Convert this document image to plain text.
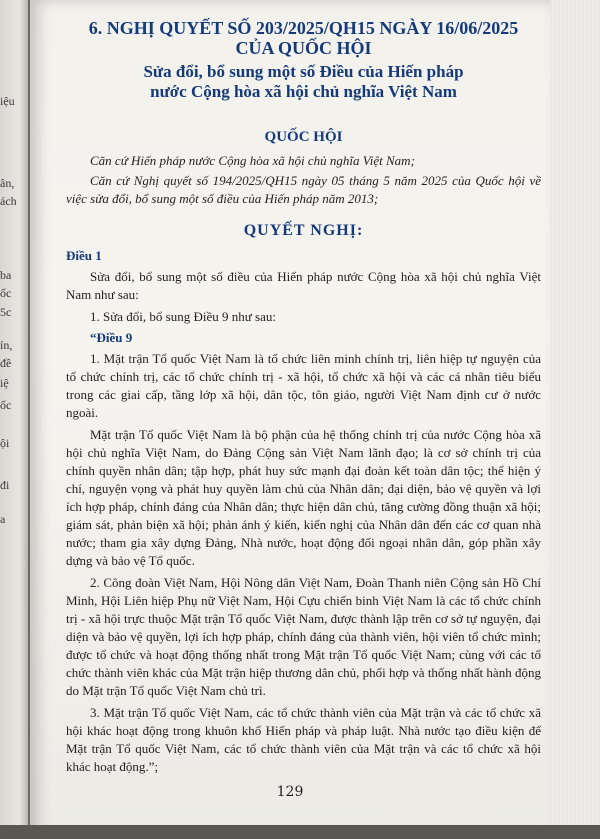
iệu
ân,
ách
ba
ốc
5c
ín,
đề
iệ
ốc
ội
đi
a

6. NGHỊ QUYẾT SỐ 203/2025/QH15 NGÀY 16/06/2025

CỦA QUỐC HỘI

Sửa đổi, bổ sung một số Điều của Hiến pháp

nước Cộng hòa xã hội chủ nghĩa Việt Nam

QUỐC HỘI

Căn cứ Hiến pháp nước Cộng hòa xã hội chủ nghĩa Việt Nam;

Căn cứ Nghị quyết số 194/2025/QH15 ngày 05 tháng 5 năm 2025 của Quốc hội về việc sửa đổi, bổ sung một số điều của Hiến pháp năm 2013;

QUYẾT NGHỊ:

Điều 1

Sửa đổi, bổ sung một số điều của Hiến pháp nước Cộng hòa xã hội chủ nghĩa Việt Nam như sau:

1. Sửa đổi, bổ sung Điều 9 như sau:

“Điều 9

1. Mặt trận Tổ quốc Việt Nam là tổ chức liên minh chính trị, liên hiệp tự nguyện của tổ chức chính trị, các tổ chức chính trị - xã hội, tổ chức xã hội và các cá nhân tiêu biểu trong các giai cấp, tầng lớp xã hội, dân tộc, tôn giáo, người Việt Nam định cư ở nước ngoài.

Mặt trận Tổ quốc Việt Nam là bộ phận của hệ thống chính trị của nước Cộng hòa xã hội chủ nghĩa Việt Nam, do Đảng Cộng sản Việt Nam lãnh đạo; là cơ sở chính trị của chính quyền nhân dân; tập hợp, phát huy sức mạnh đại đoàn kết toàn dân tộc; thể hiện ý chí, nguyện vọng và phát huy quyền làm chủ của Nhân dân; đại diện, bảo vệ quyền và lợi ích hợp pháp, chính đáng của Nhân dân; thực hiện dân chủ, tăng cường đồng thuận xã hội; giám sát, phản biện xã hội; phản ánh ý kiến, kiến nghị của Nhân dân đến các cơ quan nhà nước; tham gia xây dựng Đảng, Nhà nước, hoạt động đối ngoại nhân dân, góp phần xây dựng và bảo vệ Tổ quốc.

2. Công đoàn Việt Nam, Hội Nông dân Việt Nam, Đoàn Thanh niên Cộng sản Hồ Chí Minh, Hội Liên hiệp Phụ nữ Việt Nam, Hội Cựu chiến binh Việt Nam là các tổ chức chính trị - xã hội trực thuộc Mặt trận Tổ quốc Việt Nam, được thành lập trên cơ sở tự nguyện, đại diện và bảo vệ quyền, lợi ích hợp pháp, chính đáng của thành viên, hội viên tổ chức mình; được tổ chức và hoạt động thống nhất trong Mặt trận Tổ quốc Việt Nam; cùng với các tổ chức thành viên khác của Mặt trận hiệp thương dân chủ, phối hợp và thống nhất hành động do Mặt trận Tổ quốc Việt Nam chủ trì.

3. Mặt trận Tổ quốc Việt Nam, các tổ chức thành viên của Mặt trận và các tổ chức xã hội khác hoạt động trong khuôn khổ Hiến pháp và pháp luật. Nhà nước tạo điều kiện để Mặt trận Tổ quốc Việt Nam, các tổ chức thành viên của Mặt trận và các tổ chức xã hội khác hoạt động.”;

129
